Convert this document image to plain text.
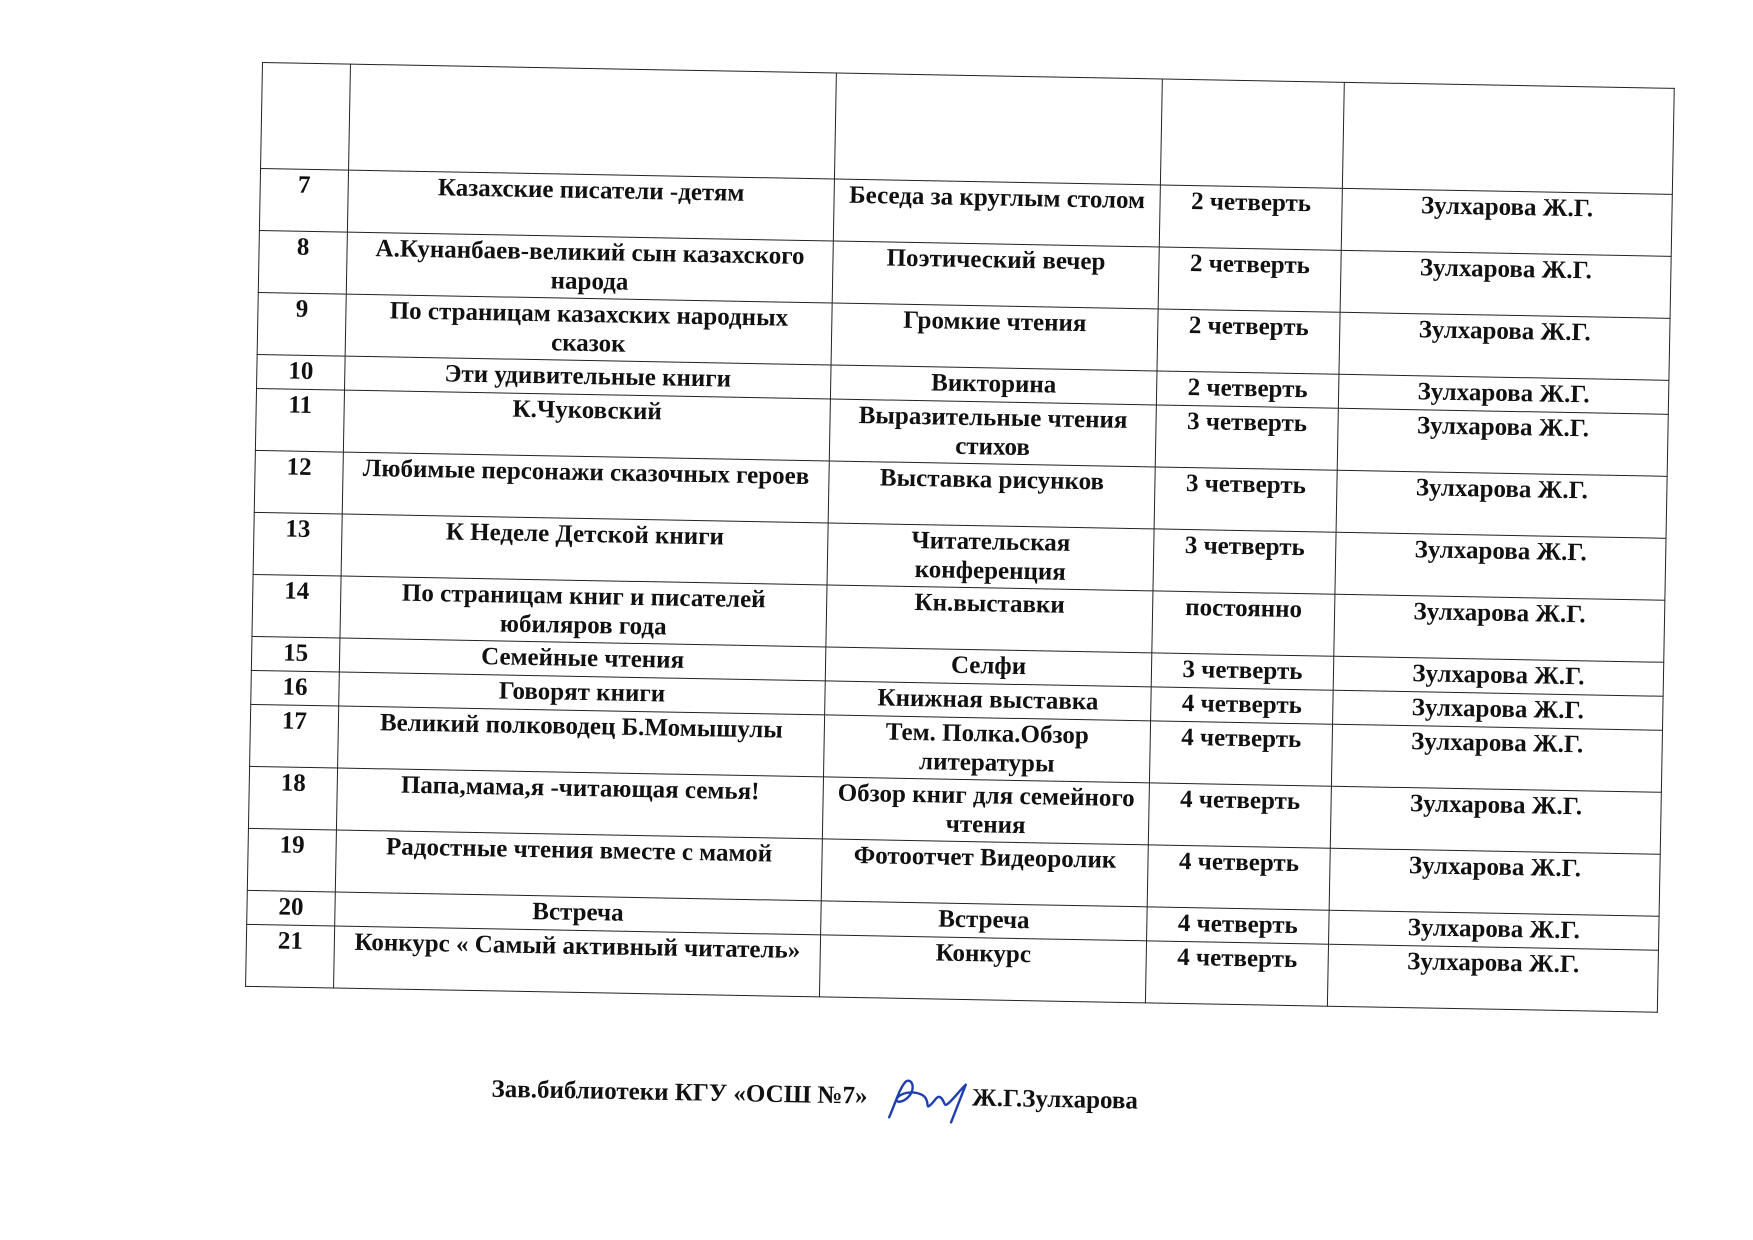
7	Казахские писатели -детям	Беседа за круглым столом	2 четверть	Зулхарова Ж.Г.
8	А.Кунанбаев-великий сын казахского народа	Поэтический вечер	2 четверть	Зулхарова Ж.Г.
9	По страницам казахских народных сказок	Громкие чтения	2 четверть	Зулхарова Ж.Г.
10	Эти удивительные книги	Викторина	2 четверть	Зулхарова Ж.Г.
11	К.Чуковский	Выразительные чтения стихов	3 четверть	Зулхарова Ж.Г.
12	Любимые персонажи сказочных героев	Выставка рисунков	3 четверть	Зулхарова Ж.Г.
13	К Неделе Детской книги	Читательская конференция	3 четверть	Зулхарова Ж.Г.
14	По страницам книг и писателей юбиляров года	Кн.выставки	постоянно	Зулхарова Ж.Г.
15	Семейные чтения	Селфи	3 четверть	Зулхарова Ж.Г.
16	Говорят книги	Книжная выставка	4 четверть	Зулхарова Ж.Г.
17	Великий полководец Б.Момышулы	Тем. Полка.Обзор литературы	4 четверть	Зулхарова Ж.Г.
18	Папа,мама,я -читающая семья!	Обзор книг для семейного чтения	4 четверть	Зулхарова Ж.Г.
19	Радостные чтения вместе с мамой	Фотоотчет Видеоролик	4 четверть	Зулхарова Ж.Г.
20	Встреча	Встреча	4 четверть	Зулхарова Ж.Г.
21	Конкурс « Самый активный читатель»	Конкурс	4 четверть	Зулхарова Ж.Г.
Зав.библиотеки КГУ «ОСШ №7»	Ж.Г.Зулхарова
